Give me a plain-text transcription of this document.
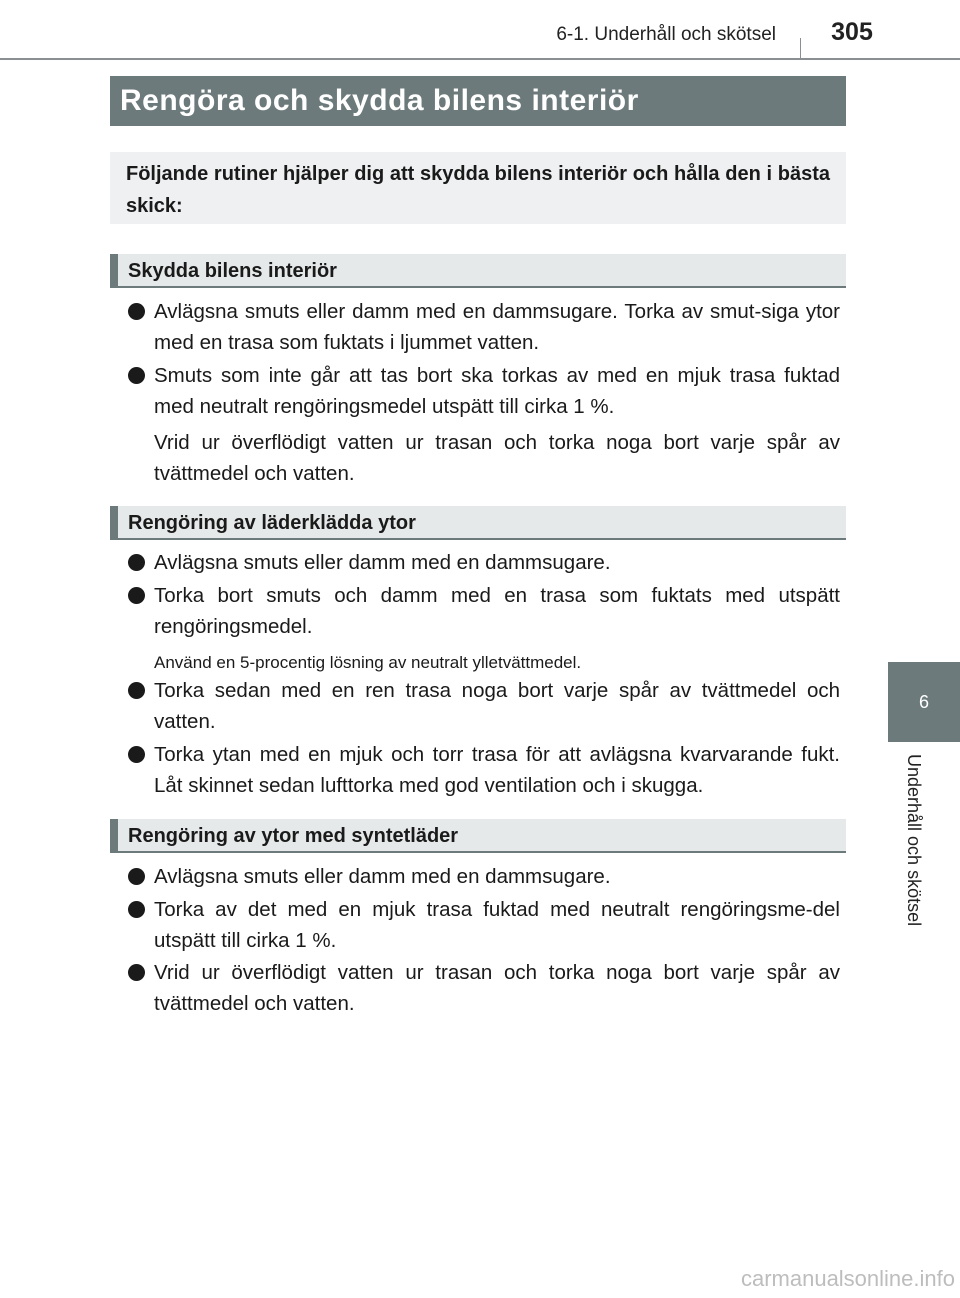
6-1. Underhåll och skötsel	305
6
Underhåll och skötsel
Rengöra och skydda bilens interiör
Följande rutiner hjälper dig att skydda bilens interiör och hålla den i bästa skick:
Skydda bilens interiör
Avlägsna smuts eller damm med en dammsugare. Torka av smut-siga ytor med en trasa som fuktats i ljummet vatten.
Smuts som inte går att tas bort ska torkas av med en mjuk trasa fuktad med neutralt rengöringsmedel utspätt till cirka 1 %.
Vrid ur överflödigt vatten ur trasan och torka noga bort varje spår av tvättmedel och vatten.
Rengöring av läderklädda ytor
Avlägsna smuts eller damm med en dammsugare.
Torka bort smuts och damm med en trasa som fuktats med utspätt rengöringsmedel.
Använd en 5-procentig lösning av neutralt ylletvättmedel.
Torka sedan med en ren trasa noga bort varje spår av tvättmedel och vatten.
Torka ytan med en mjuk och torr trasa för att avlägsna kvarvarande fukt. Låt skinnet sedan lufttorka med god ventilation och i skugga.
Rengöring av ytor med syntetläder
Avlägsna smuts eller damm med en dammsugare.
Torka av det med en mjuk trasa fuktad med neutralt rengöringsme-del utspätt till cirka 1 %.
Vrid ur överflödigt vatten ur trasan och torka noga bort varje spår av tvättmedel och vatten.
carmanualsonline.info
